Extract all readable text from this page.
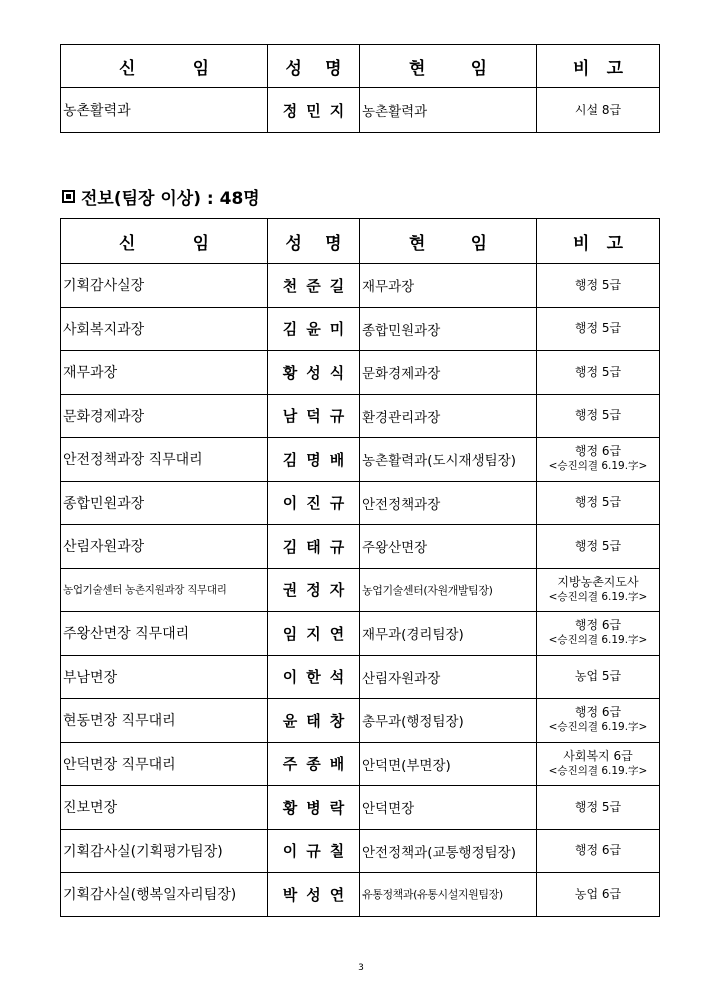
신 임	성 명	현 임	비 고

농촌활력과	정민지	농촌활력과	시설 8급
전보(팀장 이상) : 48명
신 임	성 명	현 임	비 고

기획감사실장	천준길	재무과장	행정 5급
사회복지과장	김윤미	종합민원과장	행정 5급
재무과장	황성식	문화경제과장	행정 5급
문화경제과장	남덕규	환경관리과장	행정 5급
안전정책과장 직무대리	김명배	농촌활력과(도시재생팀장)	행정 6급
<승진의결 6.19.字>

종합민원과장	이진규	안전정책과장	행정 5급
산림자원과장	김태규	주왕산면장	행정 5급
농업기술센터 농촌지원과장 직무대리	권정자	농업기술센터(자원개발팀장)	지방농촌지도사
<승진의결 6.19.字>

주왕산면장 직무대리	임지연	재무과(경리팀장)	행정 6급
<승진의결 6.19.字>

부남면장	이한석	산림자원과장	농업 5급
현동면장 직무대리	윤태창	총무과(행정팀장)	행정 6급
<승진의결 6.19.字>

안덕면장 직무대리	주종배	안덕면(부면장)	사회복지 6급
<승진의결 6.19.字>

진보면장	황병락	안덕면장	행정 5급
기획감사실(기획평가팀장)	이규칠	안전정책과(교통행정팀장)	행정 6급
기획감사실(행복일자리팀장)	박성연	유통정책과(유통시설지원팀장)	농업 6급
3
